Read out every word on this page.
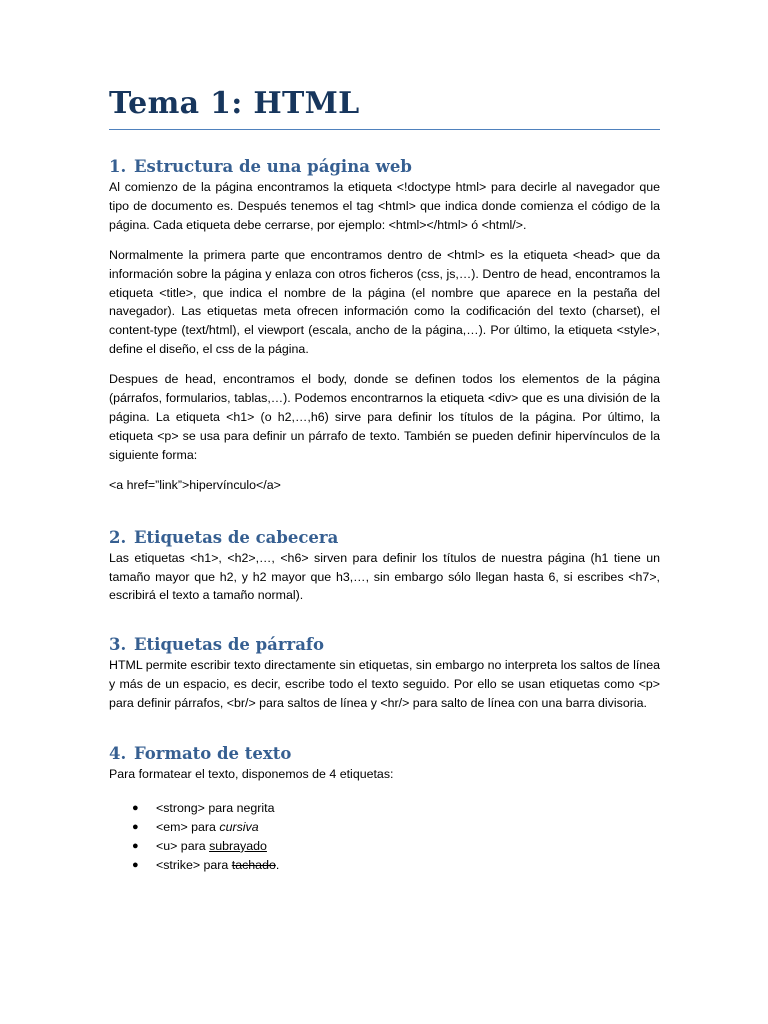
Tema 1: HTML
1. Estructura de una página web

Al comienzo de la página encontramos la etiqueta <!doctype html> para decirle al navegador que tipo de documento es. Después tenemos el tag <html> que indica donde comienza el código de la página. Cada etiqueta debe cerrarse, por ejemplo: <html></html> ó <html/>.

Normalmente la primera parte que encontramos dentro de <html> es la etiqueta <head> que da información sobre la página y enlaza con otros ficheros (css, js,…). Dentro de head, encontramos la etiqueta <title>, que indica el nombre de la página (el nombre que aparece en la pestaña del navegador). Las etiquetas meta ofrecen información como la codificación del texto (charset), el content-type (text/html), el viewport (escala, ancho de la página,…). Por último, la etiqueta <style>, define el diseño, el css de la página.

Despues de head, encontramos el body, donde se definen todos los elementos de la página (párrafos, formularios, tablas,…). Podemos encontrarnos la etiqueta <div> que es una división de la página. La etiqueta <h1> (o h2,…,h6) sirve para definir los títulos de la página. Por último, la etiqueta <p> se usa para definir un párrafo de texto. También se pueden definir hipervínculos de la siguiente forma:

<a href=”link”>hipervínculo</a>

2. Etiquetas de cabecera

Las etiquetas <h1>, <h2>,…, <h6> sirven para definir los títulos de nuestra página (h1 tiene un tamaño mayor que h2, y h2 mayor que h3,…, sin embargo sólo llegan hasta 6, si escribes <h7>, escribirá el texto a tamaño normal).

3. Etiquetas de párrafo

HTML permite escribir texto directamente sin etiquetas, sin embargo no interpreta los saltos de línea y más de un espacio, es decir, escribe todo el texto seguido. Por ello se usan etiquetas como <p> para definir párrafos, <br/> para saltos de línea y <hr/> para salto de línea con una barra divisoria.

4. Formato de texto

Para formatear el texto, disponemos de 4 etiquetas:

● <strong> para negrita
● <em> para cursiva
● <u> para subrayado
● <strike> para tachado.
